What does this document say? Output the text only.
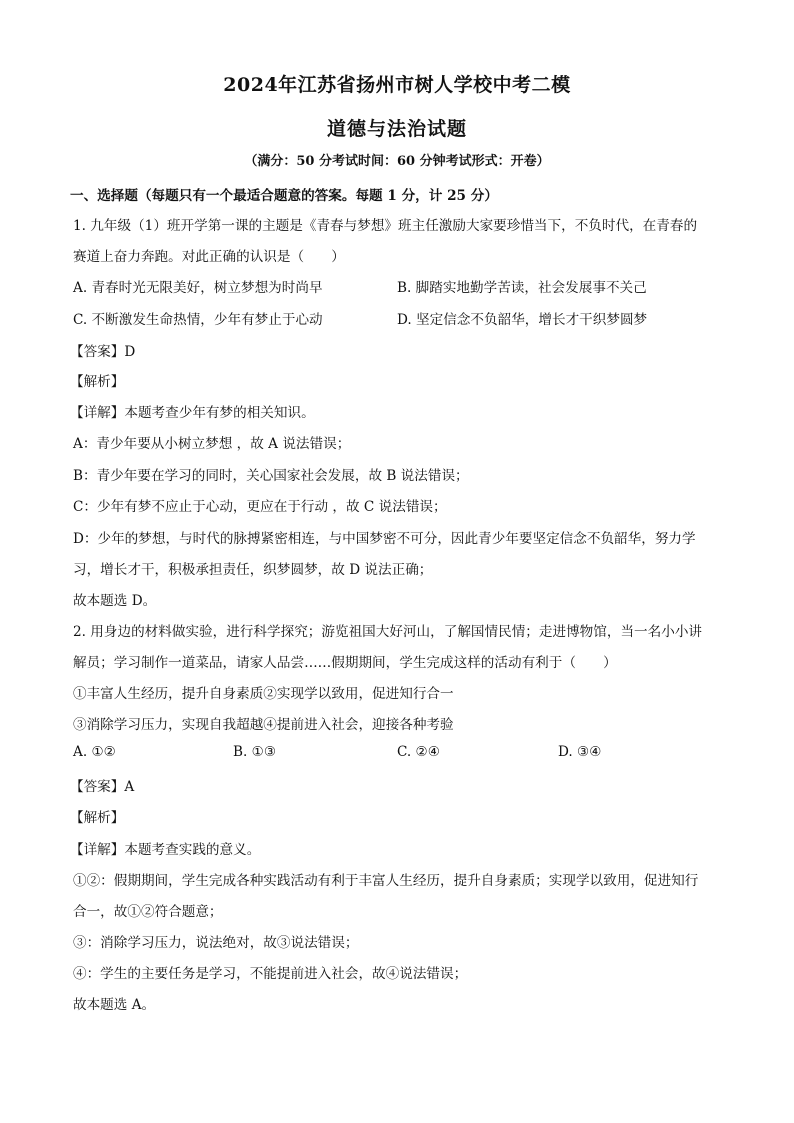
2024年江苏省扬州市树人学校中考二模
道德与法治试题
（满分：50 分考试时间：60 分钟考试形式：开卷）
一、选择题（每题只有一个最适合题意的答案。每题 1 分，计 25 分）
1. 九年级（1）班开学第一课的主题是《青春与梦想》班主任激励大家要珍惜当下，不负时代，在青春的
赛道上奋力奔跑。对此正确的认识是（　　）
A. 青春时光无限美好，树立梦想为时尚早	B. 脚踏实地勤学苦读，社会发展事不关己
C. 不断激发生命热情，少年有梦止于心动	D. 坚定信念不负韶华，增长才干织梦圆梦
【答案】D
【解析】
【详解】本题考查少年有梦的相关知识。
A：青少年要从小树立梦想 ，故 A 说法错误；
B：青少年要在学习的同时，关心国家社会发展，故 B 说法错误；
C：少年有梦不应止于心动，更应在于行动 ，故 C 说法错误；
D：少年的梦想，与时代的脉搏紧密相连，与中国梦密不可分，因此青少年要坚定信念不负韶华，努力学
习，增长才干，积极承担责任，织梦圆梦，故 D 说法正确；
故本题选 D。
2. 用身边的材料做实验，进行科学探究；游览祖国大好河山，了解国情民情；走进博物馆，当一名小小讲
解员；学习制作一道菜品，请家人品尝……假期期间，学生完成这样的活动有利于（　　）
①丰富人生经历，提升自身素质②实现学以致用，促进知行合一
③消除学习压力，实现自我超越④提前进入社会，迎接各种考验
A. ①②	B. ①③	C. ②④	D. ③④
【答案】A
【解析】
【详解】本题考查实践的意义。
①②：假期期间，学生完成各种实践活动有利于丰富人生经历，提升自身素质；实现学以致用，促进知行
合一，故①②符合题意；
③：消除学习压力，说法绝对，故③说法错误；
④：学生的主要任务是学习，不能提前进入社会，故④说法错误；
故本题选 A。
